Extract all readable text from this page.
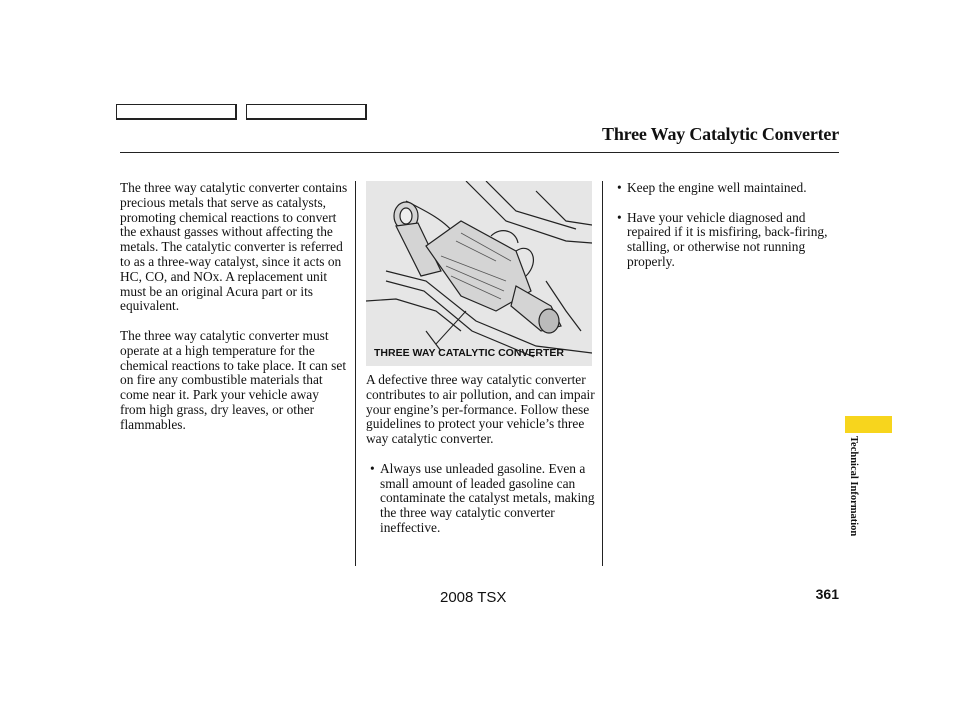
Three Way Catalytic Converter

The three way catalytic converter contains precious metals that serve as catalysts, promoting chemical reactions to convert the exhaust gasses without affecting the metals. The catalytic converter is referred to as a three-way catalyst, since it acts on HC, CO, and NOx. A replacement unit must be an original Acura part or its equivalent.

The three way catalytic converter must operate at a high temperature for the chemical reactions to take place. It can set on fire any combustible materials that come near it. Park your vehicle away from high grass, dry leaves, or other flammables.

THREE WAY CATALYTIC CONVERTER

A defective three way catalytic converter contributes to air pollution, and can impair your engine’s per-formance. Follow these guidelines to protect your vehicle’s three way catalytic converter.

• Always use unleaded gasoline. Even a small amount of leaded gasoline can contaminate the catalyst metals, making the three way catalytic converter ineffective.
• Keep the engine well maintained.
• Have your vehicle diagnosed and repaired if it is misfiring, back-firing, stalling, or otherwise not running properly.
Technical Information
2008 TSX	361
